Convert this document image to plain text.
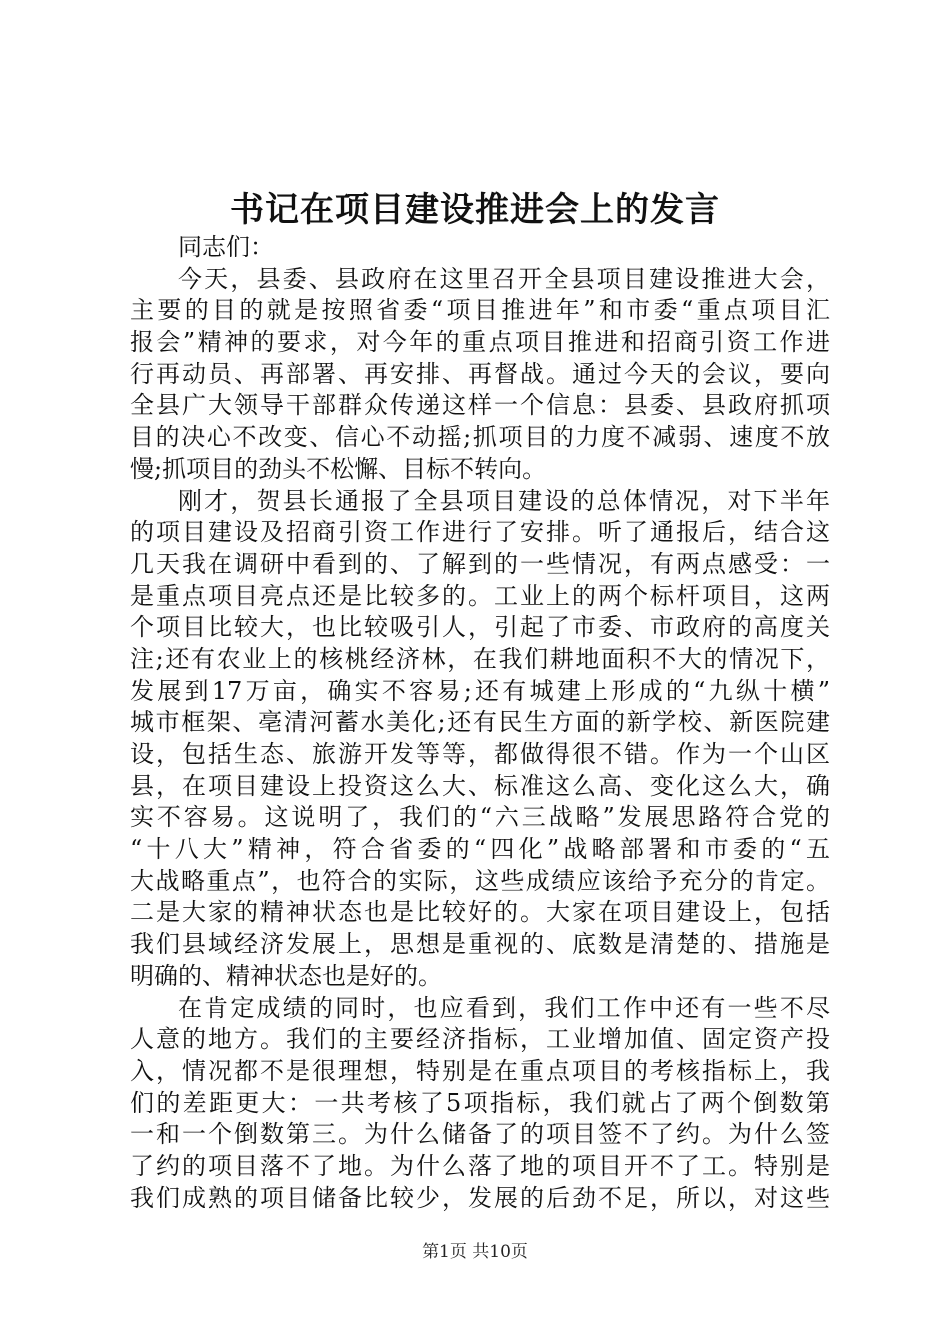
书记在项目建设推进会上的发言
同志们：
今天，县委、县政府在这里召开全县项目建设推进大会，
主要的目的就是按照省委“项目推进年”和市委“重点项目汇
报会”精神的要求，对今年的重点项目推进和招商引资工作进
行再动员、再部署、再安排、再督战。通过今天的会议，要向
全县广大领导干部群众传递这样一个信息：县委、县政府抓项
目的决心不改变、信心不动摇;抓项目的力度不减弱、速度不放
慢;抓项目的劲头不松懈、目标不转向。
刚才，贺县长通报了全县项目建设的总体情况，对下半年
的项目建设及招商引资工作进行了安排。听了通报后，结合这
几天我在调研中看到的、了解到的一些情况，有两点感受：一
是重点项目亮点还是比较多的。工业上的两个标杆项目，这两
个项目比较大，也比较吸引人，引起了市委、市政府的高度关
注;还有农业上的核桃经济林，在我们耕地面积不大的情况下，
发展到17万亩，确实不容易;还有城建上形成的“九纵十横”
城市框架、亳清河蓄水美化;还有民生方面的新学校、新医院建
设，包括生态、旅游开发等等，都做得很不错。作为一个山区
县，在项目建设上投资这么大、标准这么高、变化这么大，确
实不容易。这说明了，我们的“六三战略”发展思路符合党的
“十八大”精神，符合省委的“四化”战略部署和市委的“五
大战略重点”，也符合的实际，这些成绩应该给予充分的肯定。
二是大家的精神状态也是比较好的。大家在项目建设上，包括
我们县域经济发展上，思想是重视的、底数是清楚的、措施是
明确的、精神状态也是好的。
在肯定成绩的同时，也应看到，我们工作中还有一些不尽
人意的地方。我们的主要经济指标，工业增加值、固定资产投
入，情况都不是很理想，特别是在重点项目的考核指标上，我
们的差距更大：一共考核了5项指标，我们就占了两个倒数第
一和一个倒数第三。为什么储备了的项目签不了约。为什么签
了约的项目落不了地。为什么落了地的项目开不了工。特别是
我们成熟的项目储备比较少，发展的后劲不足，所以，对这些
第1页 共10页
